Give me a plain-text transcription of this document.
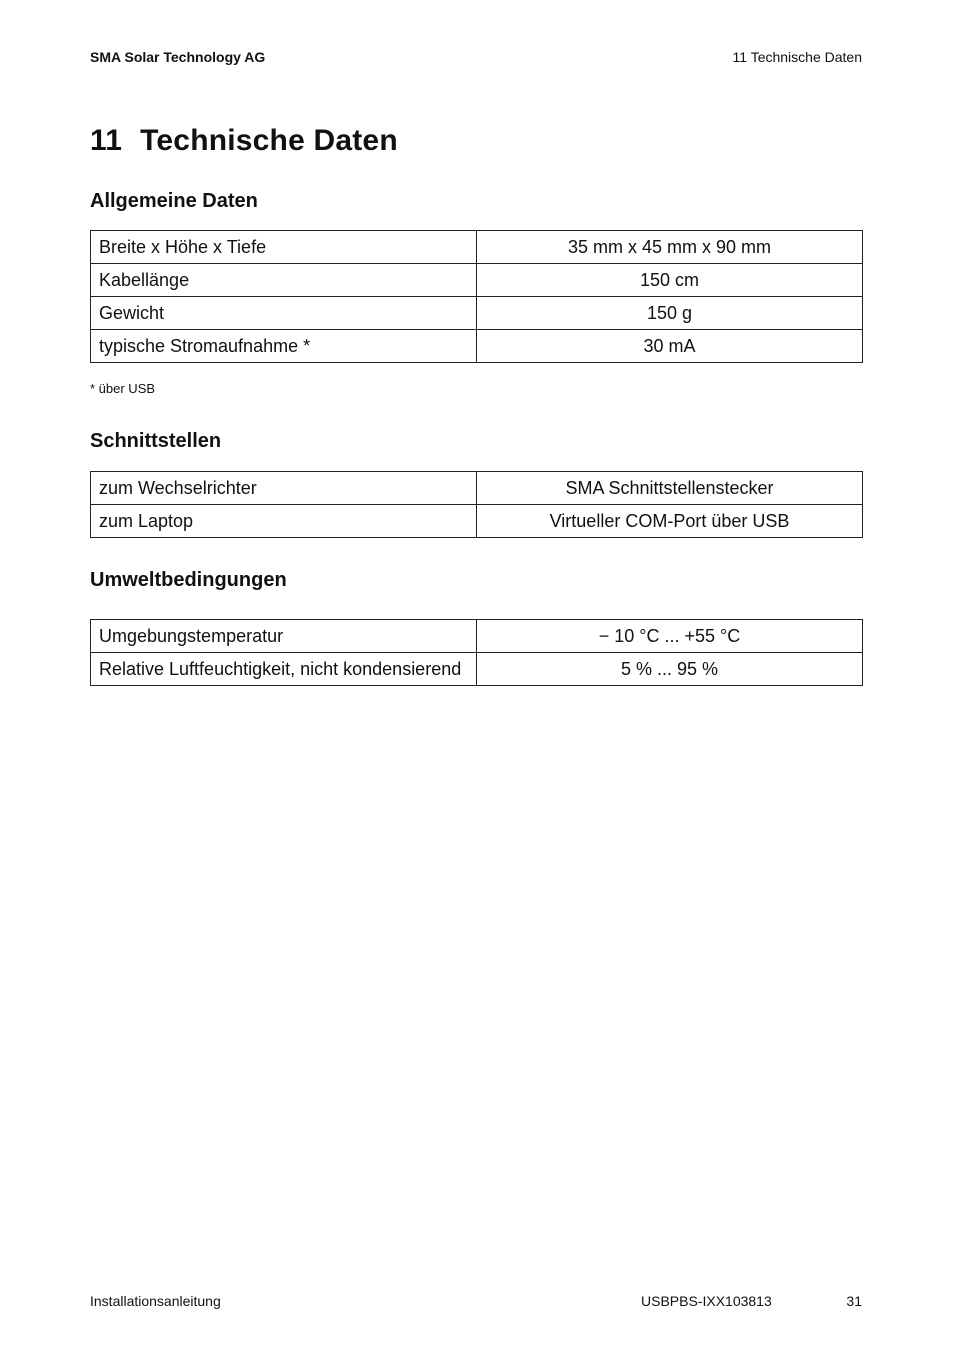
SMA Solar Technology AG	11 Technische Daten
11 Technische Daten
Allgemeine Daten
Breite x Höhe x Tiefe	35 mm x 45 mm x 90 mm
Kabellänge	150 cm
Gewicht	150 g
typische Stromaufnahme *	30 mA
* über USB
Schnittstellen
zum Wechselrichter	SMA Schnittstellenstecker
zum Laptop	Virtueller COM-Port über USB
Umweltbedingungen
Umgebungstemperatur	− 10 °C ... +55 °C
Relative Luftfeuchtigkeit, nicht kondensierend	5 % ... 95 %
Installationsanleitung	USBPBS-IXX103813	31
